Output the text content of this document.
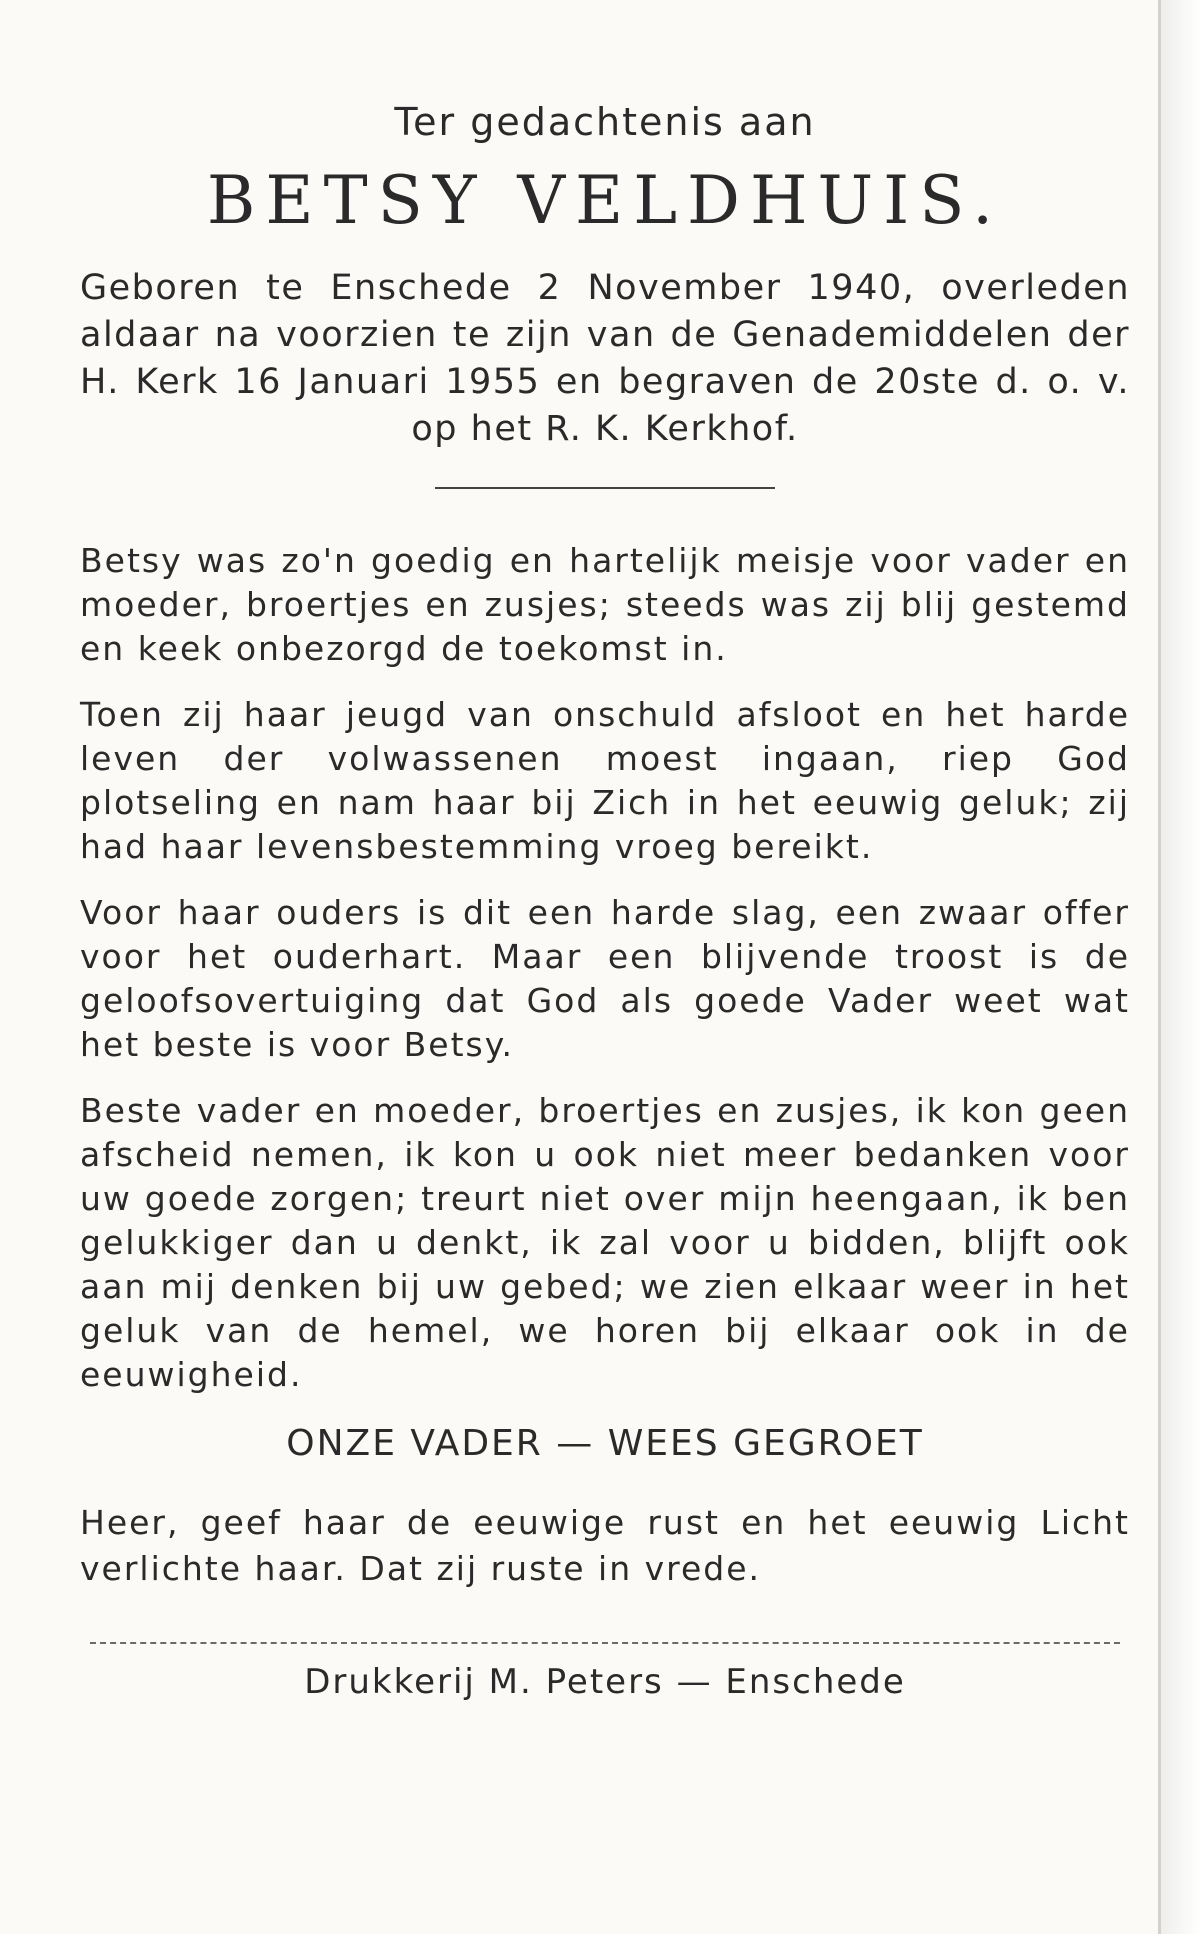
Ter gedachtenis aan

BETSY VELDHUIS.

Geboren te Enschede 2 November 1940, overleden aldaar na voorzien te zijn van de Genademiddelen der H. Kerk 16 Januari 1955 en begraven de 20ste d. o. v. op het R. K. Kerkhof.

Betsy was zo'n goedig en hartelijk meisje voor vader en moeder, broertjes en zusjes; steeds was zij blij gestemd en keek onbezorgd de toekomst in.

Toen zij haar jeugd van onschuld afsloot en het harde leven der volwassenen moest ingaan, riep God plotseling en nam haar bij Zich in het eeuwig geluk; zij had haar levensbestemming vroeg bereikt.

Voor haar ouders is dit een harde slag, een zwaar offer voor het ouderhart. Maar een blijvende troost is de geloofsovertuiging dat God als goede Vader weet wat het beste is voor Betsy.

Beste vader en moeder, broertjes en zusjes, ik kon geen afscheid nemen, ik kon u ook niet meer bedanken voor uw goede zorgen; treurt niet over mijn heengaan, ik ben gelukkiger dan u denkt, ik zal voor u bidden, blijft ook aan mij denken bij uw gebed; we zien elkaar weer in het geluk van de hemel, we horen bij elkaar ook in de eeuwigheid.

ONZE VADER — WEES GEGROET

Heer, geef haar de eeuwige rust en het eeuwig Licht verlichte haar. Dat zij ruste in vrede.

Drukkerij M. Peters — Enschede
